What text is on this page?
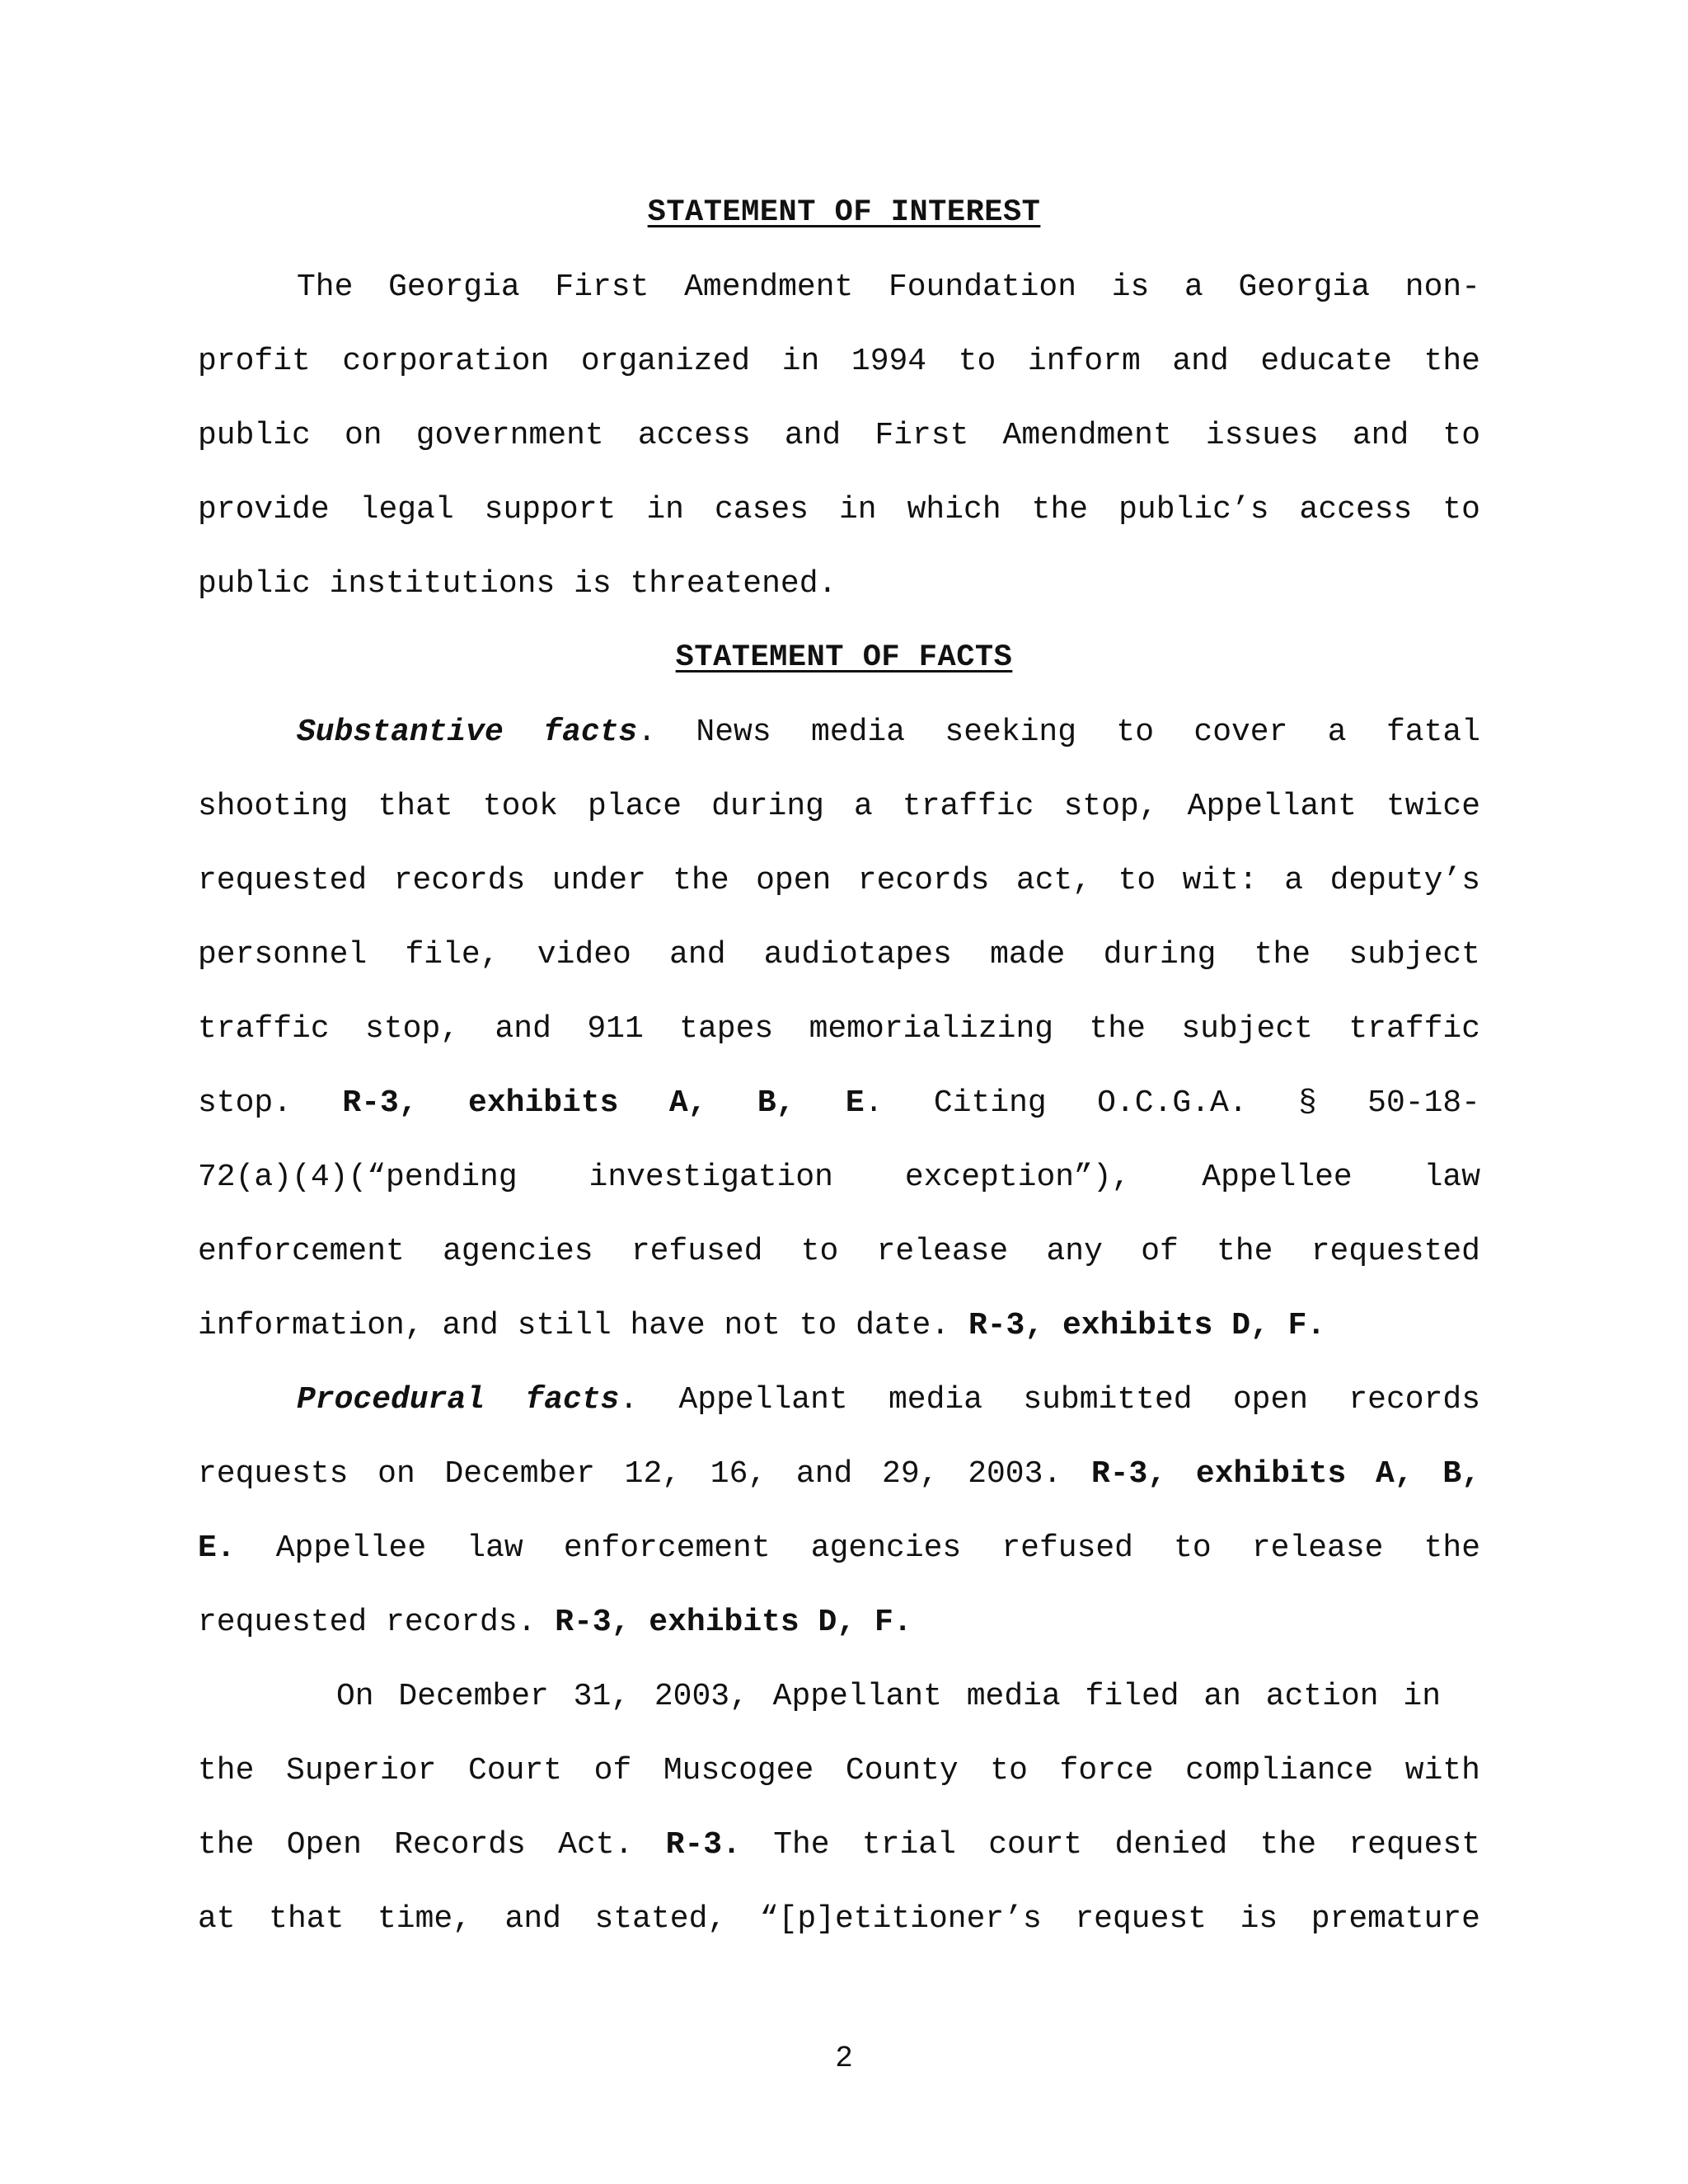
STATEMENT OF INTEREST
The Georgia First Amendment Foundation is a Georgia non-
profit corporation organized in 1994 to inform and educate the
public on government access and First Amendment issues and to
provide legal support in cases in which the public’s access to
public institutions is threatened.
STATEMENT OF FACTS
Substantive facts. News media seeking to cover a fatal
shooting that took place during a traffic stop, Appellant twice
requested records under the open records act, to wit: a deputy’s
personnel file, video and audiotapes made during the subject
traffic stop, and 911 tapes memorializing the subject traffic
stop. R-3, exhibits A, B, E. Citing O.C.G.A. § 50-18-
72(a)(4)(“pending investigation exception”), Appellee law
enforcement agencies refused to release any of the requested
information, and still have not to date. R-3, exhibits D, F.
Procedural facts. Appellant media submitted open records
requests on December 12, 16, and 29, 2003. R-3, exhibits A, B,
E. Appellee law enforcement agencies refused to release the
requested records. R-3, exhibits D, F.
On December 31, 2003, Appellant media filed an action in
the Superior Court of Muscogee County to force compliance with
the Open Records Act. R-3. The trial court denied the request
at that time, and stated, “[p]etitioner’s request is premature
2
